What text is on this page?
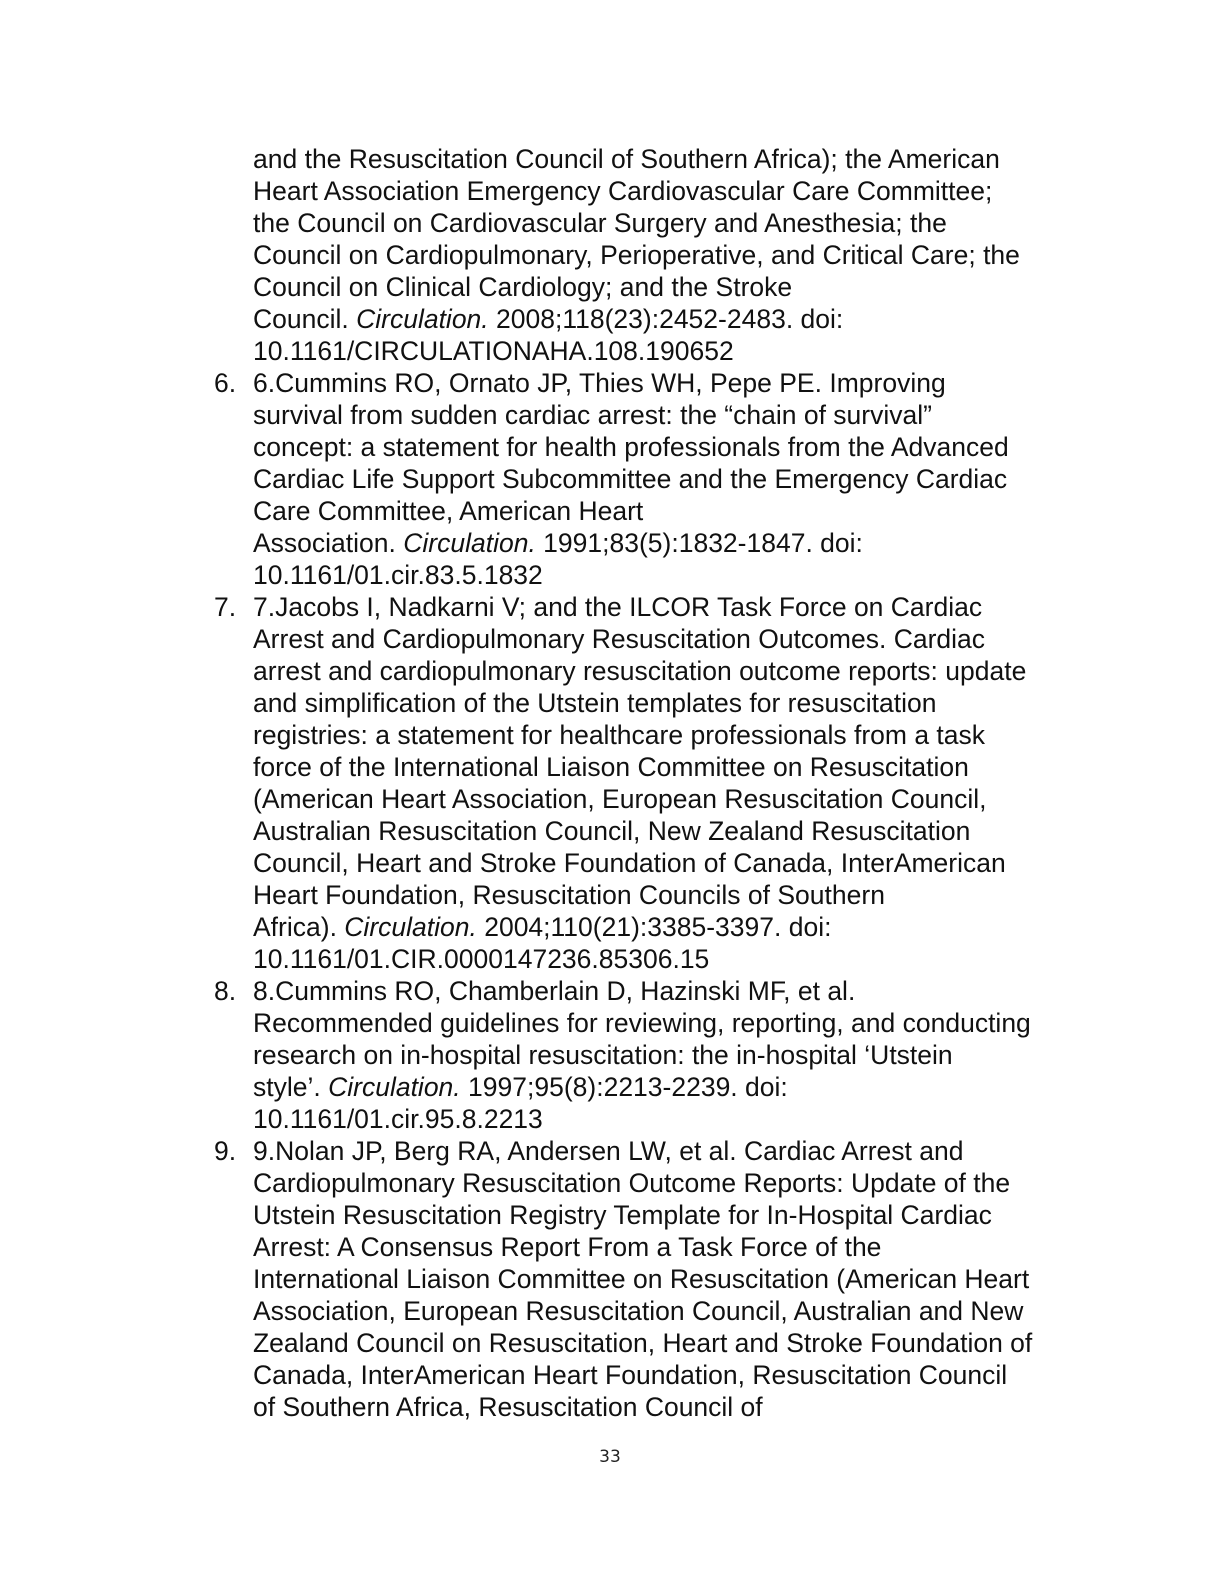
and the Resuscitation Council of Southern Africa); the American
Heart Association Emergency Cardiovascular Care Committee;
the Council on Cardiovascular Surgery and Anesthesia; the
Council on Cardiopulmonary, Perioperative, and Critical Care; the
Council on Clinical Cardiology; and the Stroke
Council. Circulation. 2008;118(23):2452-2483. doi:
10.1161/CIRCULATIONAHA.108.190652
6. 6.Cummins RO, Ornato JP, Thies WH, Pepe PE. Improving
survival from sudden cardiac arrest: the “chain of survival”
concept: a statement for health professionals from the Advanced
Cardiac Life Support Subcommittee and the Emergency Cardiac
Care Committee, American Heart
Association. Circulation. 1991;83(5):1832-1847. doi:
10.1161/01.cir.83.5.1832
7. 7.Jacobs I, Nadkarni V; and the ILCOR Task Force on Cardiac
Arrest and Cardiopulmonary Resuscitation Outcomes. Cardiac
arrest and cardiopulmonary resuscitation outcome reports: update
and simplification of the Utstein templates for resuscitation
registries: a statement for healthcare professionals from a task
force of the International Liaison Committee on Resuscitation
(American Heart Association, European Resuscitation Council,
Australian Resuscitation Council, New Zealand Resuscitation
Council, Heart and Stroke Foundation of Canada, InterAmerican
Heart Foundation, Resuscitation Councils of Southern
Africa). Circulation. 2004;110(21):3385-3397. doi:
10.1161/01.CIR.0000147236.85306.15
8. 8.Cummins RO, Chamberlain D, Hazinski MF, et al.
Recommended guidelines for reviewing, reporting, and conducting
research on in-hospital resuscitation: the in-hospital ‘Utstein
style’. Circulation. 1997;95(8):2213-2239. doi:
10.1161/01.cir.95.8.2213
9. 9.Nolan JP, Berg RA, Andersen LW, et al. Cardiac Arrest and
Cardiopulmonary Resuscitation Outcome Reports: Update of the
Utstein Resuscitation Registry Template for In-Hospital Cardiac
Arrest: A Consensus Report From a Task Force of the
International Liaison Committee on Resuscitation (American Heart
Association, European Resuscitation Council, Australian and New
Zealand Council on Resuscitation, Heart and Stroke Foundation of
Canada, InterAmerican Heart Foundation, Resuscitation Council
of Southern Africa, Resuscitation Council of
33
